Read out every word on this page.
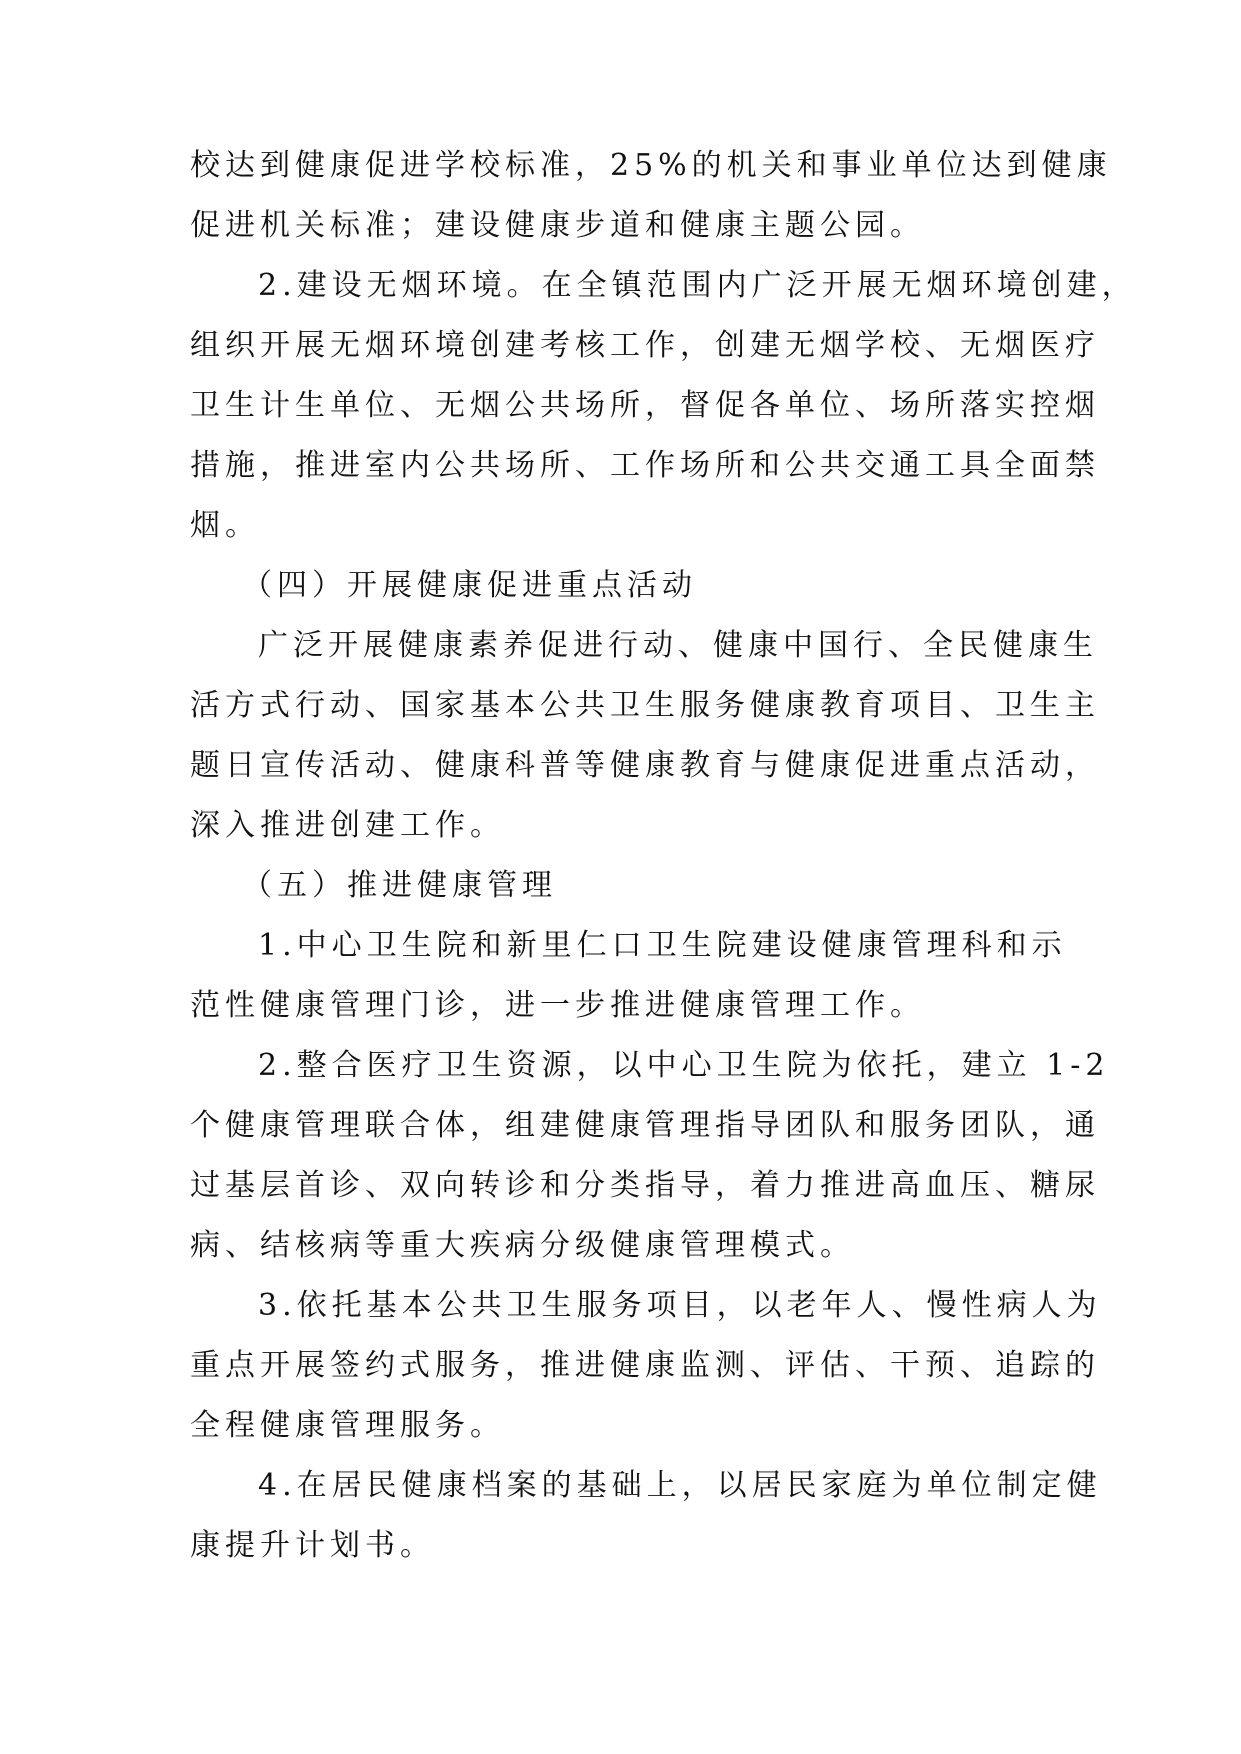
校达到健康促进学校标准，25%的机关和事业单位达到健康
促进机关标准；建设健康步道和健康主题公园。
2.建设无烟环境。在全镇范围内广泛开展无烟环境创建，
组织开展无烟环境创建考核工作，创建无烟学校、无烟医疗
卫生计生单位、无烟公共场所，督促各单位、场所落实控烟
措施，推进室内公共场所、工作场所和公共交通工具全面禁
烟。
（四）开展健康促进重点活动
广泛开展健康素养促进行动、健康中国行、全民健康生
活方式行动、国家基本公共卫生服务健康教育项目、卫生主
题日宣传活动、健康科普等健康教育与健康促进重点活动，
深入推进创建工作。
（五）推进健康管理
1.中心卫生院和新里仁口卫生院建设健康管理科和示
范性健康管理门诊，进一步推进健康管理工作。
2.整合医疗卫生资源，以中心卫生院为依托，建立 1-2
个健康管理联合体，组建健康管理指导团队和服务团队，通
过基层首诊、双向转诊和分类指导，着力推进高血压、糖尿
病、结核病等重大疾病分级健康管理模式。
3.依托基本公共卫生服务项目，以老年人、慢性病人为
重点开展签约式服务，推进健康监测、评估、干预、追踪的
全程健康管理服务。
4.在居民健康档案的基础上，以居民家庭为单位制定健
康提升计划书。
